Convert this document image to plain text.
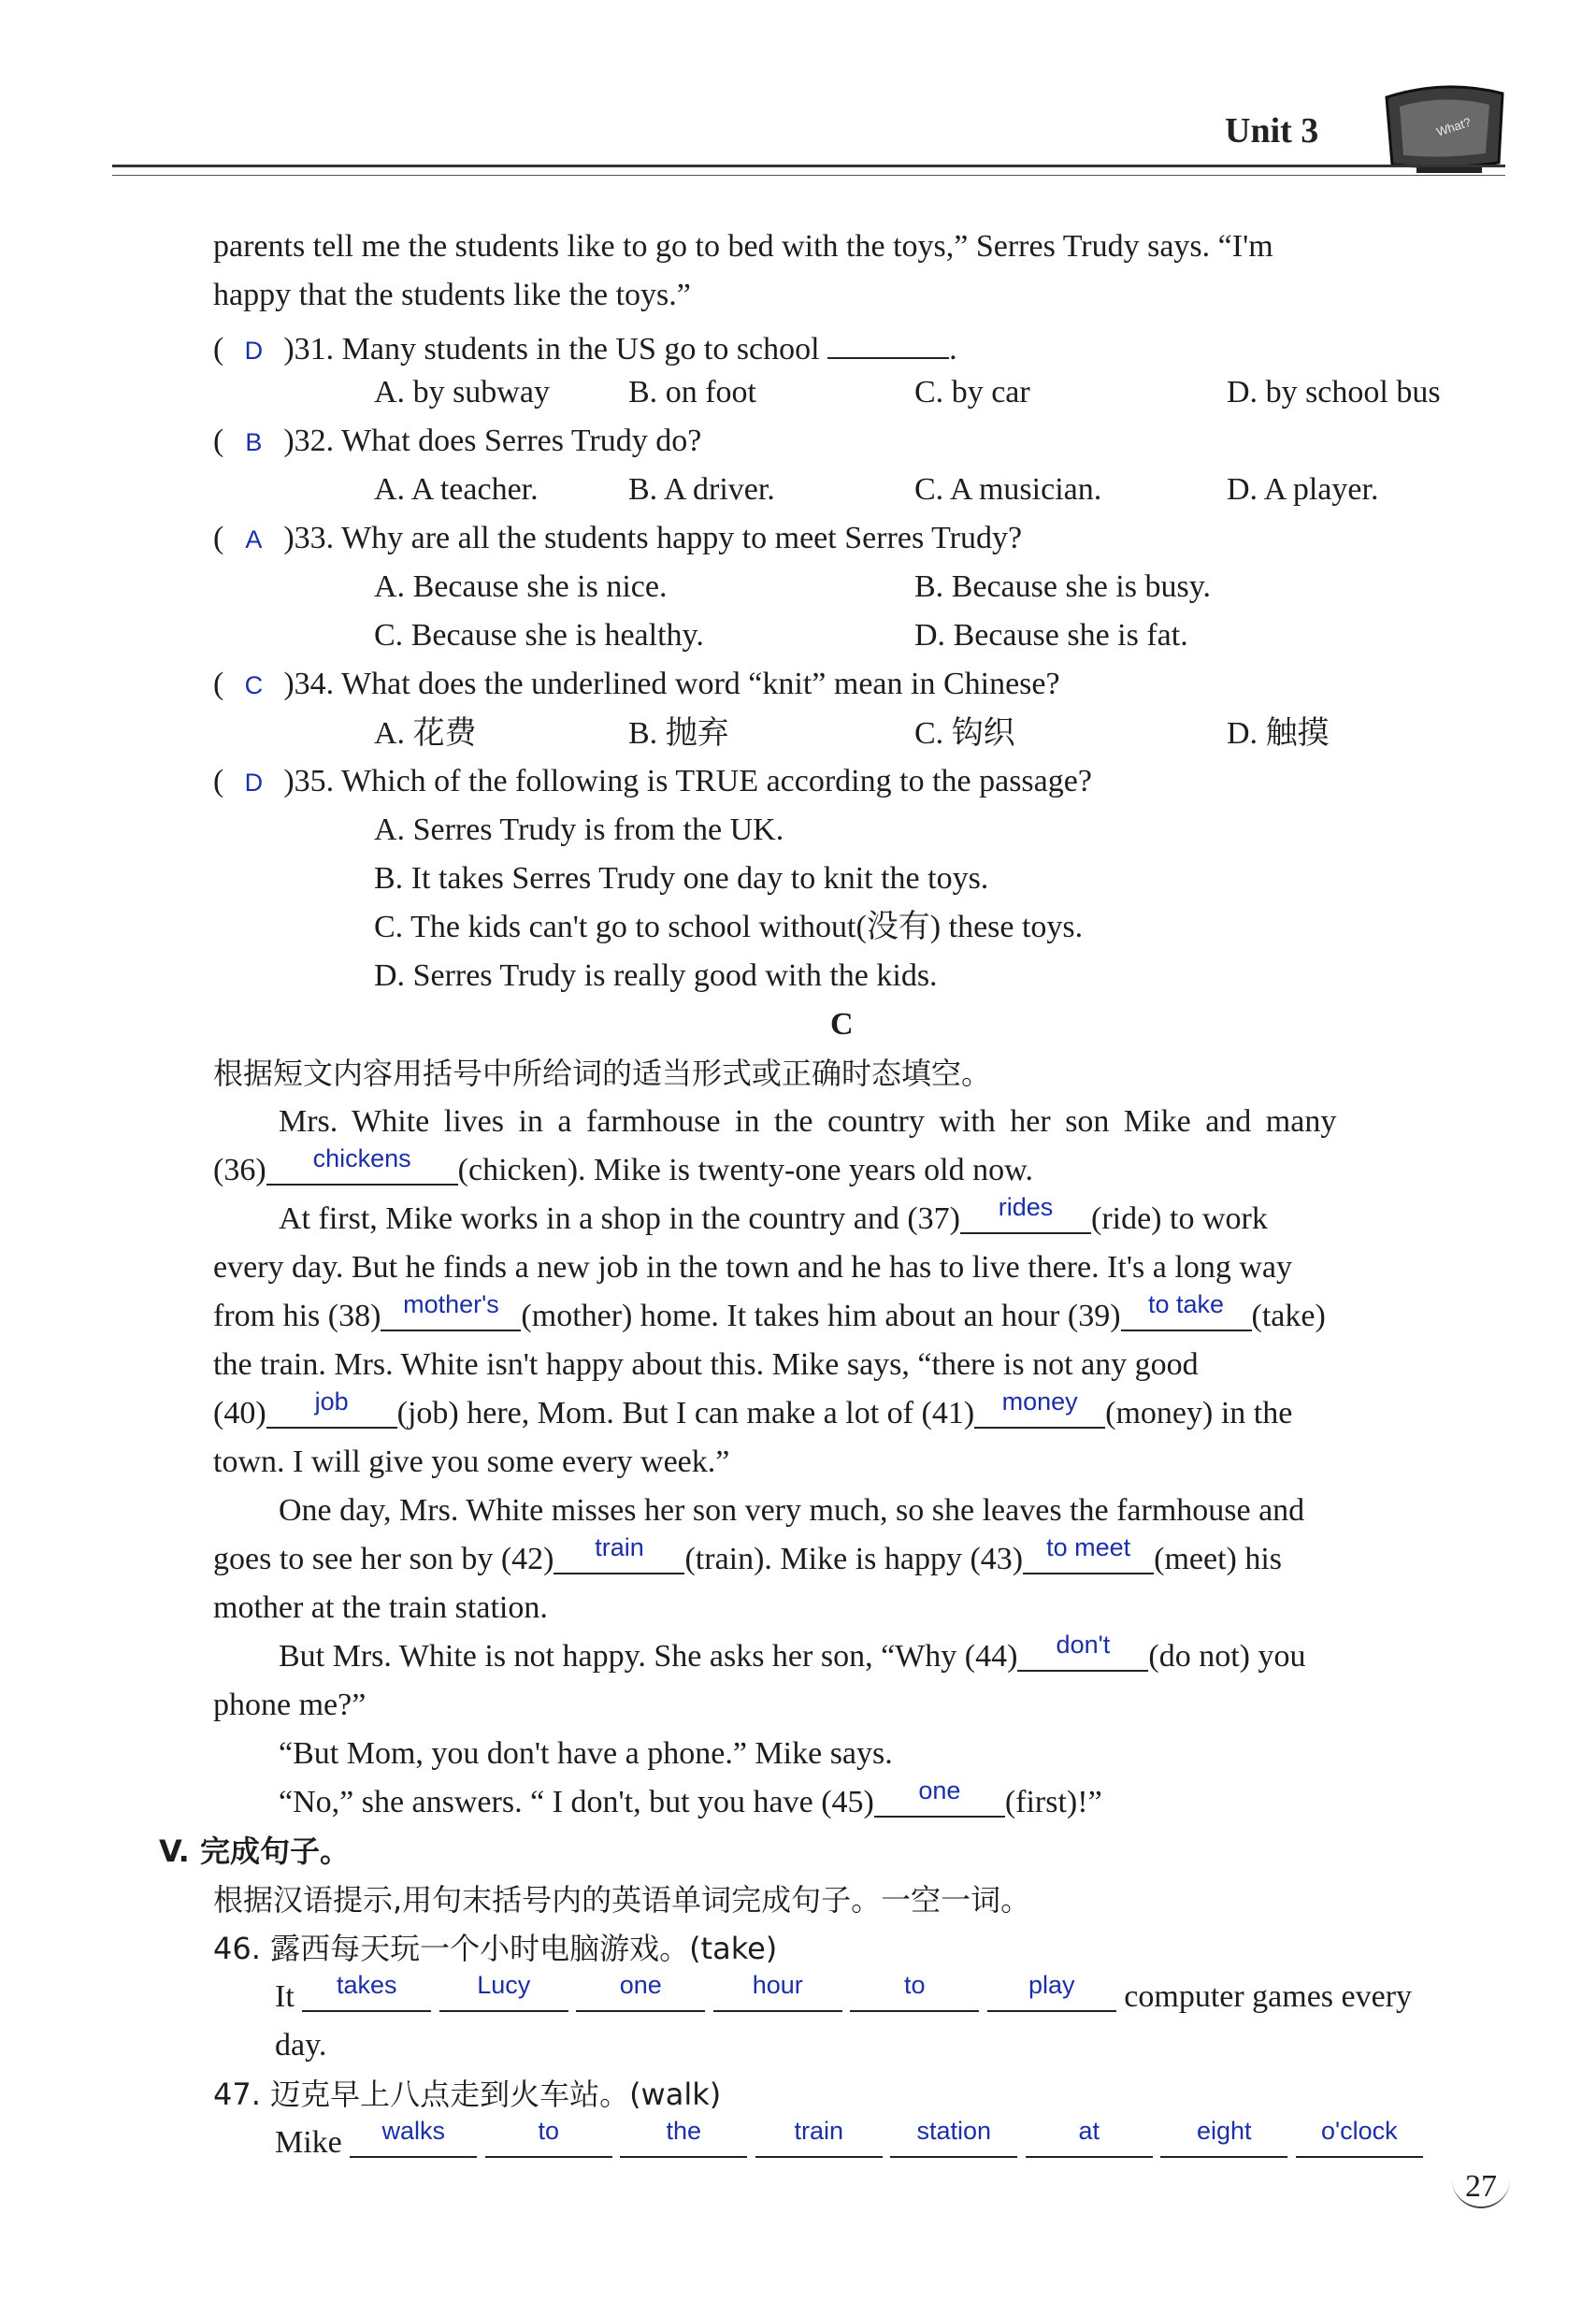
Unit 3	What?
parents tell me the students like to go to bed with the toys,” Serres Trudy says. “I'm
happy that the students like the toys.”
( D )31. Many students in the US go to school	.
A. by subway B. on foot	C. by car	D. by school bus
( B )32. What does Serres Trudy do?
A. A teacher.	B. A driver.	C. A musician.	D. A player.
( A )33. Why are all the students happy to meet Serres Trudy?
A. Because she is nice.	B. Because she is busy.
C. Because she is healthy.	D. Because she is fat.
( C )34. What does the underlined word “knit” mean in Chinese?
A. 花费	B. 抛弃	C. 钩织	D. 触摸
( D )35. Which of the following is TRUE according to the passage?
A. Serres Trudy is from the UK.
B. It takes Serres Trudy one day to knit the toys.
C. The kids can't go to school without(没有) these toys.
D. Serres Trudy is really good with the kids.
C
根据短文内容用括号中所给词的适当形式或正确时态填空。
Mrs. White lives in a farmhouse in the country with her son Mike and many
(36) $^{chickens}$ (chicken). Mike is twenty-one years old now.
At first, Mike works in a shop in the country and (37) $^{rides}$ (ride) to work
every day. But he finds a new job in the town and he has to live there. It's a long way
from his (38) $^{mother's}$ (mother) home. It takes him about an hour (39) $^{to take}$ (take)
the train. Mrs. White isn't happy about this. Mike says, “there is not any good
(40) $^{job}$ (job) here, Mom. But I can make a lot of (41) $^{money}$ (money) in the
town. I will give you some every week.”
One day, Mrs. White misses her son very much, so she leaves the farmhouse and
goes to see her son by (42) $^{train}$ (train). Mike is happy (43) $^{to meet}$ (meet) his
mother at the train station.
But Mrs. White is not happy. She asks her son, “Why (44) $^{don't}$ (do not) you
phone me?”
“But Mom, you don't have a phone.” Mike says.
“No,” she answers. “ I don't, but you have (45) $^{one}$ (first)!”
V. 完成句子。
根据汉语提示,用句末括号内的英语单词完成句子。一空一词。
46. 露西每天玩一个小时电脑游戏。(take)
It $^{takes}$	$^{Lucy}$	$^{one}$	$^{hour}$	$^{to}$	$^{play}$ computer games every
day.
47. 迈克早上八点走到火车站。(walk)
Mike $^{walks}$	$^{to}$	$^{the}$	$^{train}$	$^{station}$	$^{at}$	$^{eight}$	$^{o'clock}$
27
